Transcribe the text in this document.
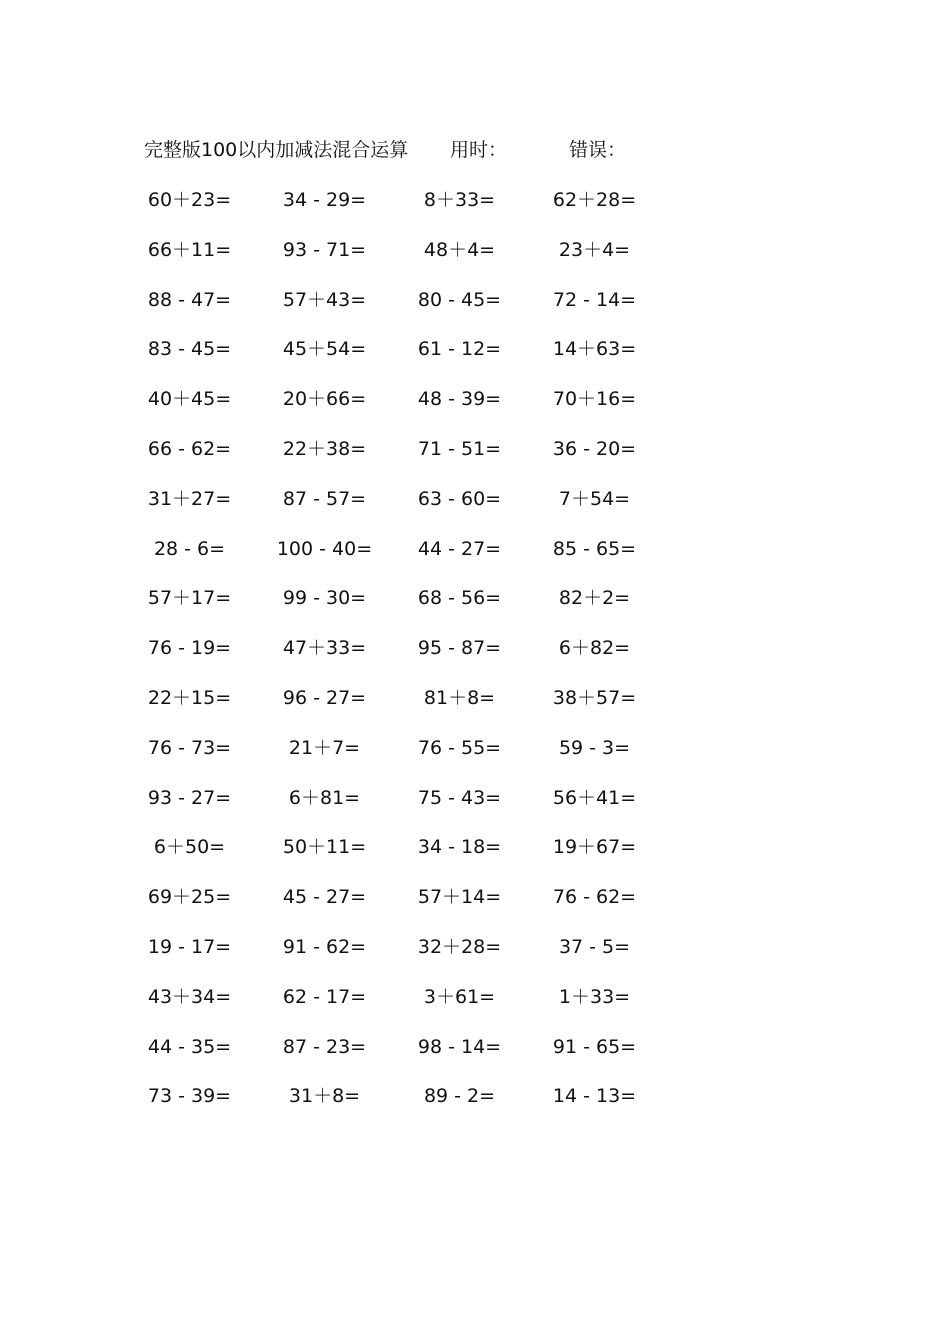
完整版100以内加减法混合运算 用时：	错误：
60＋23=	34 - 29=	8＋33=	62＋28=
66＋11=	93 - 71=	48＋4=	23＋4=
88 - 47=	57＋43=	80 - 45=	72 - 14=
83 - 45=	45＋54=	61 - 12=	14＋63=
40＋45=	20＋66=	48 - 39=	70＋16=
66 - 62=	22＋38=	71 - 51=	36 - 20=
31＋27=	87 - 57=	63 - 60=	7＋54=
28 - 6=	100 - 40=	44 - 27=	85 - 65=
57＋17=	99 - 30=	68 - 56=	82＋2=
76 - 19=	47＋33=	95 - 87=	6＋82=
22＋15=	96 - 27=	81＋8=	38＋57=
76 - 73=	21＋7=	76 - 55=	59 - 3=
93 - 27=	6＋81=	75 - 43=	56＋41=
6＋50=	50＋11=	34 - 18=	19＋67=
69＋25=	45 - 27=	57＋14=	76 - 62=
19 - 17=	91 - 62=	32＋28=	37 - 5=
43＋34=	62 - 17=	3＋61=	1＋33=
44 - 35=	87 - 23=	98 - 14=	91 - 65=
73 - 39=	31＋8=	89 - 2=	14 - 13=
